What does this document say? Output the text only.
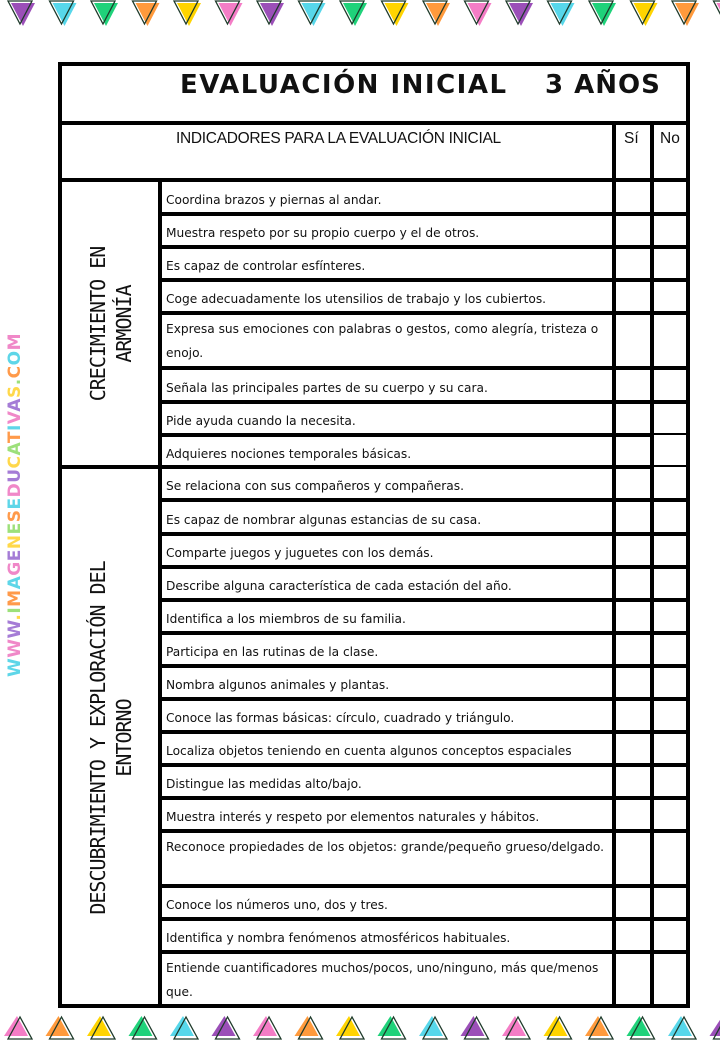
WWW.IMAGENESEDUCATIVAS.COM
EVALUACIÓN INICIAL 3 AÑOS
INDICADORES PARA LA EVALUACIÓN INICIAL	Sí No
CRECIMIENTO EN ARMONÍA
DESCUBRIMIENTO Y EXPLORACIÓN DEL ENTORNO
Coordina brazos y piernas al andar.
Muestra respeto por su propio cuerpo y el de otros.
Es capaz de controlar esfínteres.
Coge adecuadamente los utensilios de trabajo y los cubiertos.
Expresa sus emociones con palabras o gestos, como alegría, tristeza o enojo.
Señala las principales partes de su cuerpo y su cara.
Pide ayuda cuando la necesita.
Adquieres nociones temporales básicas.
Se relaciona con sus compañeros y compañeras.
Es capaz de nombrar algunas estancias de su casa.
Comparte juegos y juguetes con los demás.
Describe alguna característica de cada estación del año.
Identifica a los miembros de su familia.
Participa en las rutinas de la clase.
Nombra algunos animales y plantas.
Conoce las formas básicas: círculo, cuadrado y triángulo.
Localiza objetos teniendo en cuenta algunos conceptos espaciales
Distingue las medidas alto/bajo.
Muestra interés y respeto por elementos naturales y hábitos.
Reconoce propiedades de los objetos: grande/pequeño grueso/delgado.
Conoce los números uno, dos y tres.
Identifica y nombra fenómenos atmosféricos habituales.
Entiende cuantificadores muchos/pocos, uno/ninguno, más que/menos que.
